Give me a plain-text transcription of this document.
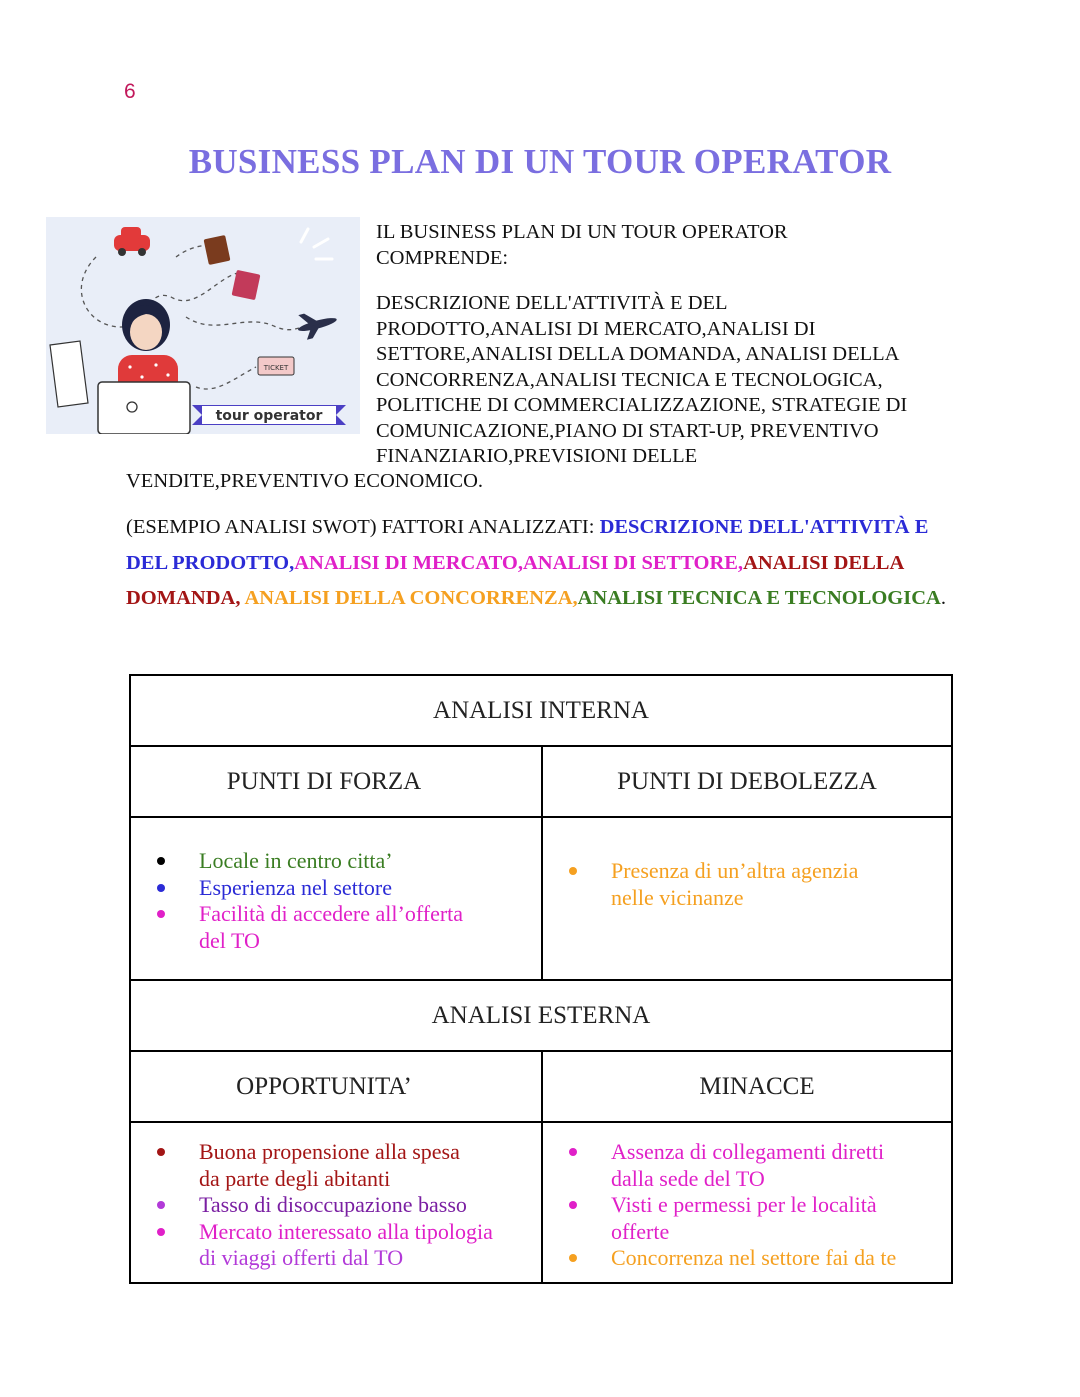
6
BUSINESS PLAN DI UN TOUR OPERATOR
TICKET
tour operator

IL BUSINESS PLAN DI UN TOUR OPERATOR

COMPRENDE:

DESCRIZIONE DELL'ATTIVITÀ E DEL

PRODOTTO,ANALISI DI MERCATO,ANALISI DI

SETTORE,ANALISI DELLA DOMANDA, ANALISI DELLA

CONCORRENZA,ANALISI TECNICA E TECNOLOGICA,

POLITICHE DI COMMERCIALIZZAZIONE, STRATEGIE DI

COMUNICAZIONE,PIANO DI START-UP, PREVENTIVO

FINANZIARIO,PREVISIONI DELLE

VENDITE,PREVENTIVO ECONOMICO.
(ESEMPIO ANALISI SWOT) FATTORI ANALIZZATI: DESCRIZIONE DELL'ATTIVITÀ E DEL PRODOTTO,ANALISI DI MERCATO,ANALISI DI SETTORE,ANALISI DELLA DOMANDA, ANALISI DELLA CONCORRENZA,ANALISI TECNICA E TECNOLOGICA.
ANALISI INTERNA
PUNTI DI FORZA	PUNTI DI DEBOLEZZA
Locale in centro citta’
Esperienza nel settore
Facilità di accedere all’offerta
del TO
Presenza di un’altra agenzia
nelle vicinanze
ANALISI ESTERNA
OPPORTUNITA’	MINACCE
Buona propensione alla spesa
da parte degli abitanti
Tasso di disoccupazione basso
Mercato interessato alla tipologia
di viaggi offerti dal TO
Assenza di collegamenti diretti
dalla sede del TO
Visti e permessi per le località
offerte
Concorrenza nel settore fai da te
